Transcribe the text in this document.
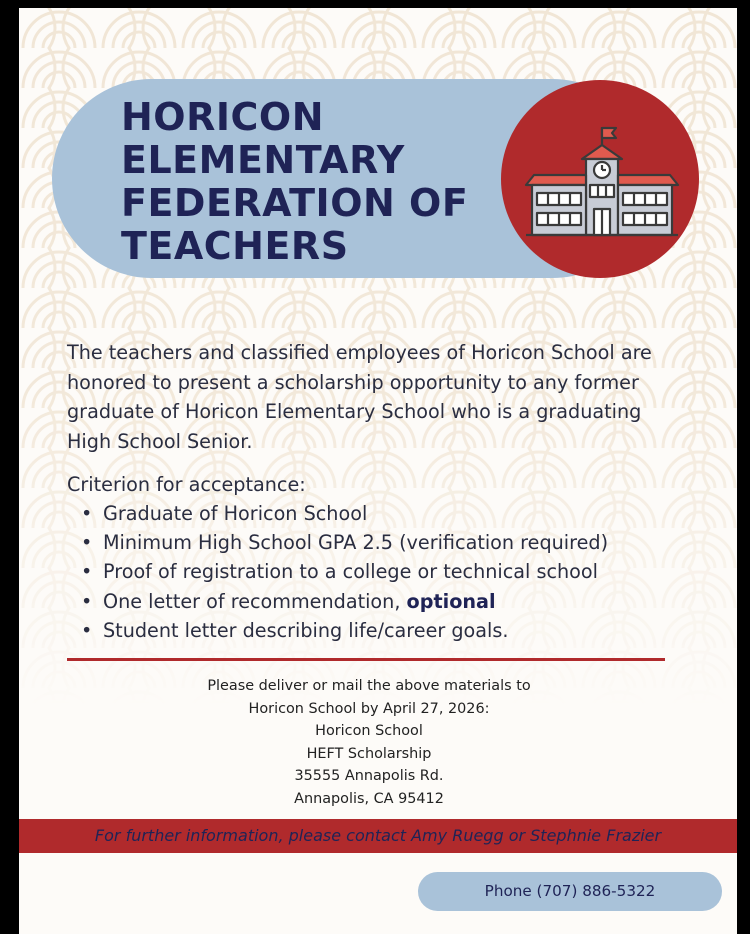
HORICON
ELEMENTARY
FEDERATION OF
TEACHERS
The teachers and classified employees of Horicon School are
honored to present a scholarship opportunity to any former
graduate of Horicon Elementary School who is a graduating
High School Senior.
Criterion for acceptance:
• Graduate of Horicon School
• Minimum High School GPA 2.5 (verification required)
• Proof of registration to a college or technical school
• One letter of recommendation, optional
• Student letter describing life/career goals.
Please deliver or mail the above materials to
Horicon School by April 27, 2026:
Horicon School
HEFT Scholarship
35555 Annapolis Rd.
Annapolis, CA 95412
For further information, please contact Amy Ruegg or Stephnie Frazier
Phone (707) 886-5322
